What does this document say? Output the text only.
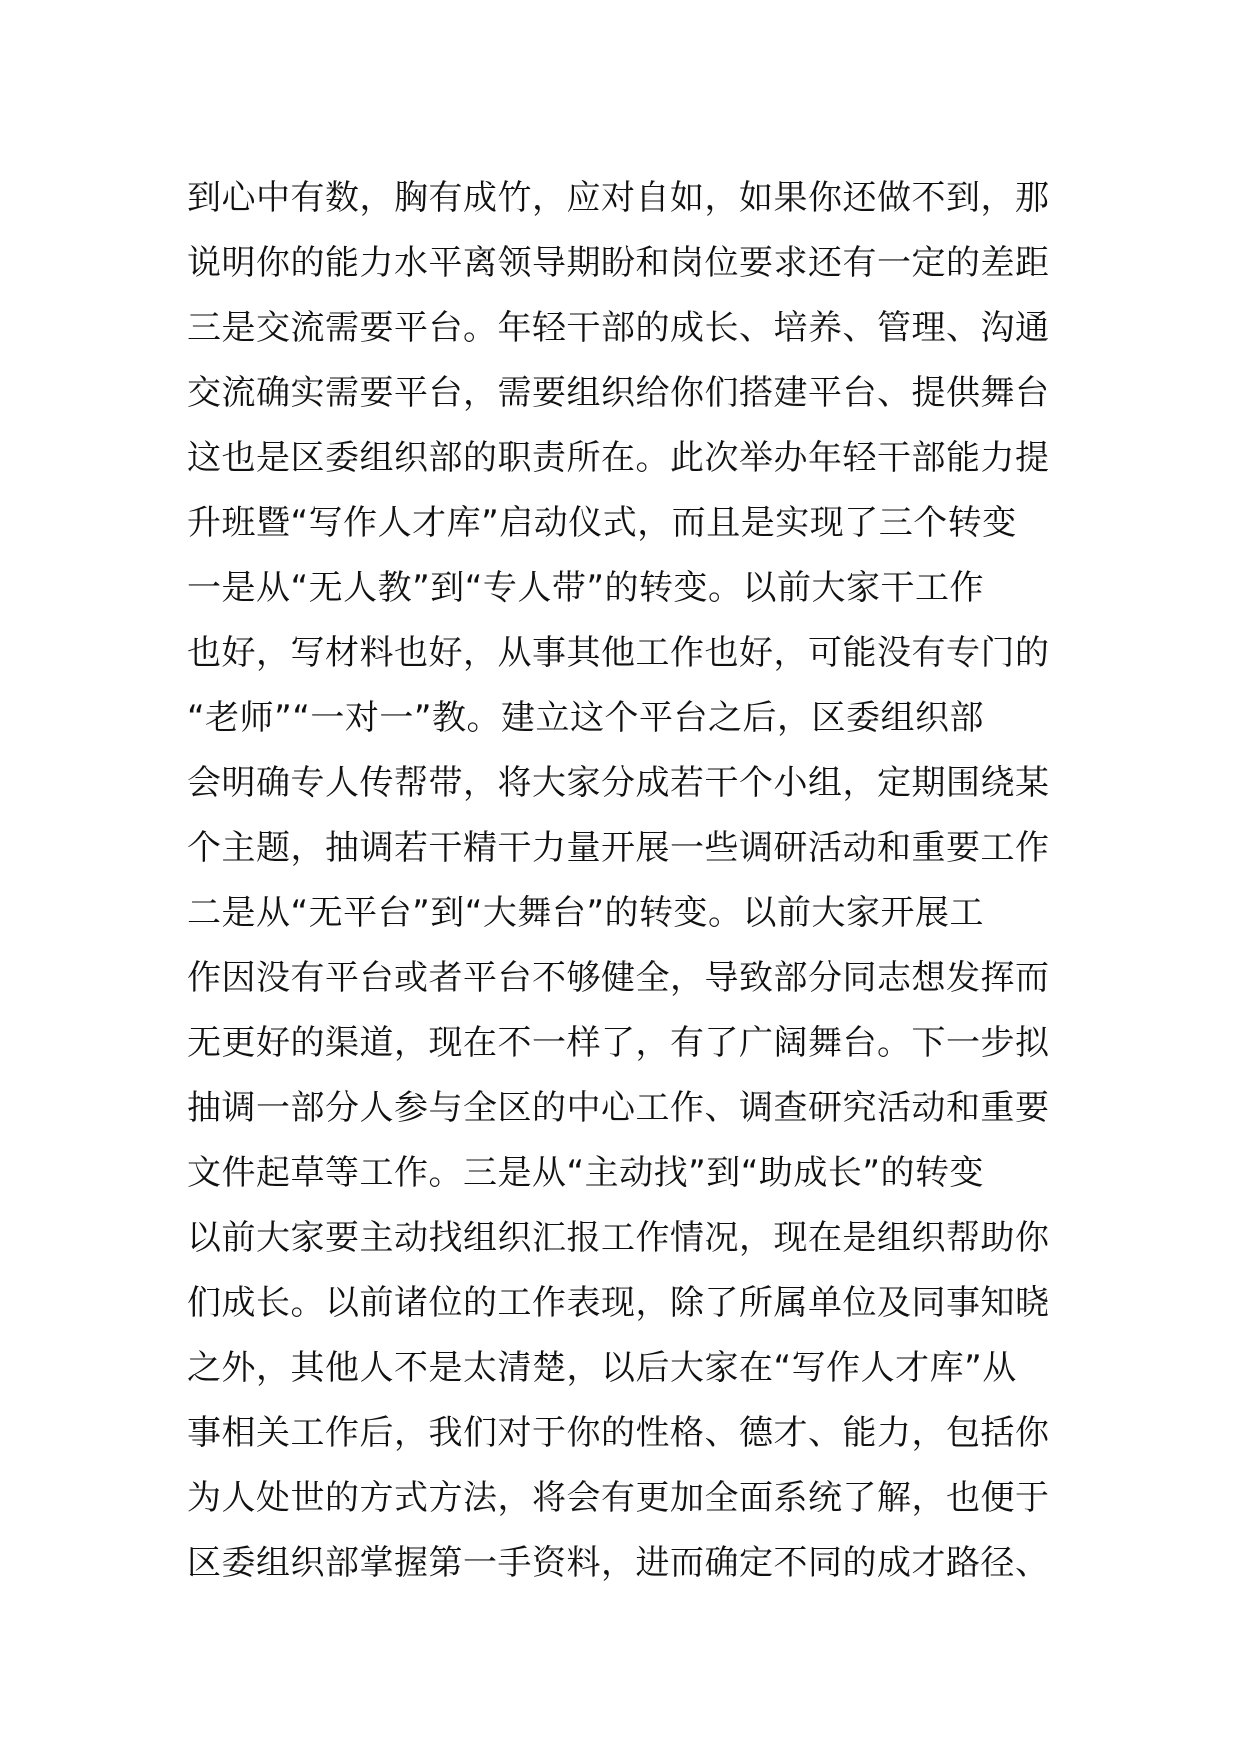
到心中有数，胸有成竹，应对自如，如果你还做不到，那
说明你的能力水平离领导期盼和岗位要求还有一定的差距
三是交流需要平台。年轻干部的成长、培养、管理、沟通
交流确实需要平台，需要组织给你们搭建平台、提供舞台
这也是区委组织部的职责所在。此次举办年轻干部能力提
升班暨“写作人才库”启动仪式，而且是实现了三个转变
一是从“无人教”到“专人带”的转变。以前大家干工作
也好，写材料也好，从事其他工作也好，可能没有专门的
“老师”“一对一”教。建立这个平台之后，区委组织部
会明确专人传帮带，将大家分成若干个小组，定期围绕某
个主题，抽调若干精干力量开展一些调研活动和重要工作
二是从“无平台”到“大舞台”的转变。以前大家开展工
作因没有平台或者平台不够健全，导致部分同志想发挥而
无更好的渠道，现在不一样了，有了广阔舞台。下一步拟
抽调一部分人参与全区的中心工作、调查研究活动和重要
文件起草等工作。三是从“主动找”到“助成长”的转变
以前大家要主动找组织汇报工作情况，现在是组织帮助你
们成长。以前诸位的工作表现，除了所属单位及同事知晓
之外，其他人不是太清楚，以后大家在“写作人才库”从
事相关工作后，我们对于你的性格、德才、能力，包括你
为人处世的方式方法，将会有更加全面系统了解，也便于
区委组织部掌握第一手资料，进而确定不同的成才路径、
